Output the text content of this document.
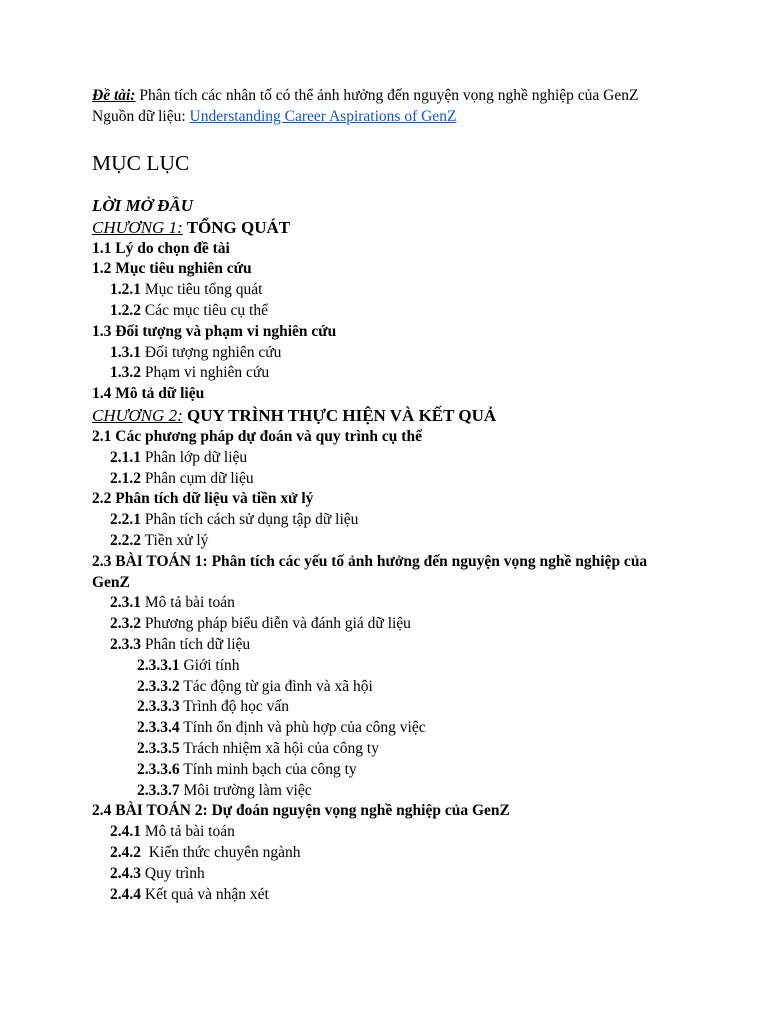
Đề tài: Phân tích các nhân tố có thể ảnh hưởng đến nguyện vọng nghề nghiệp của GenZ
Nguồn dữ liệu: Understanding Career Aspirations of GenZ
MỤC LỤC
LỜI MỞ ĐẦU
CHƯƠNG 1: TỔNG QUÁT
1.1 Lý do chọn đề tài
1.2 Mục tiêu nghiên cứu
1.2.1 Mục tiêu tổng quát
1.2.2 Các mục tiêu cụ thể
1.3 Đối tượng và phạm vi nghiên cứu
1.3.1 Đối tượng nghiên cứu
1.3.2 Phạm vi nghiên cứu
1.4 Mô tả dữ liệu
CHƯƠNG 2: QUY TRÌNH THỰC HIỆN VÀ KẾT QUẢ
2.1 Các phương pháp dự đoán và quy trình cụ thể
2.1.1 Phân lớp dữ liệu
2.1.2 Phân cụm dữ liệu
2.2 Phân tích dữ liệu và tiền xử lý
2.2.1 Phân tích cách sử dụng tập dữ liệu
2.2.2 Tiền xử lý
2.3 BÀI TOÁN 1: Phân tích các yếu tố ảnh hưởng đến nguyện vọng nghề nghiệp của GenZ
2.3.1 Mô tả bài toán
2.3.2 Phương pháp biểu diễn và đánh giá dữ liệu
2.3.3 Phân tích dữ liệu
2.3.3.1 Giới tính
2.3.3.2 Tác động từ gia đình và xã hội
2.3.3.3 Trình độ học vấn
2.3.3.4 Tính ổn định và phù hợp của công việc
2.3.3.5 Trách nhiệm xã hội của công ty
2.3.3.6 Tính minh bạch của công ty
2.3.3.7 Môi trường làm việc
2.4 BÀI TOÁN 2: Dự đoán nguyện vọng nghề nghiệp của GenZ
2.4.1 Mô tả bài toán
2.4.2  Kiến thức chuyên ngành
2.4.3 Quy trình
2.4.4 Kết quả và nhận xét
